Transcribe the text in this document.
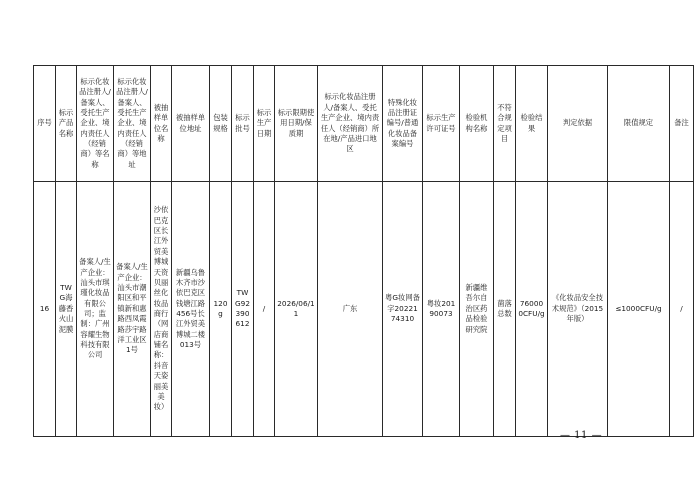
序号	标示产品名称	标示化妆品注册人/备案人、受托生产企业、境内责任人（经销商）等名称	标示化妆品注册人/备案人、受托生产企业、境内责任人（经销商）等地址	被抽样单位名称	被抽样单位地址	包装规格	标示批号	标示生产日期	标示限期使用日期/保质期	标示化妆品注册人/备案人、受托生产企业、境内责任人（经销商）所在地/产品进口地区	特殊化妆品注册证编号/普通化妆品备案编号	标示生产许可证号	检验机构名称	不符合规定项目	检验结果	判定依据	限值规定	备注

16	TWG海藤香火山泥膜	备案人/生产企业：汕头市琪瑾化妆品有限公司；监制：广州容耀生物科技有限公司	备案人/生产企业：汕头市潮阳区和平镇新和惠路西凤霞路莎宇路洋工业区1号	沙依巴克区长江外贸美博城天资贝丽丝化妆品商行（网店商铺名称：抖音天姿丽美美妆）	新疆乌鲁木齐市沙依巴克区钱塘江路456号长江外贸美博城二楼013号	120g	TWG92390612	/	2026/06/11	广东	粤G妆网备字2022174310	粤妆20190073	新疆维吾尔自治区药品检验研究院	菌落总数	760000CFU/g	《化妆品安全技术规范》（2015年版）	≤1000CFU/g	/
— 11 —
